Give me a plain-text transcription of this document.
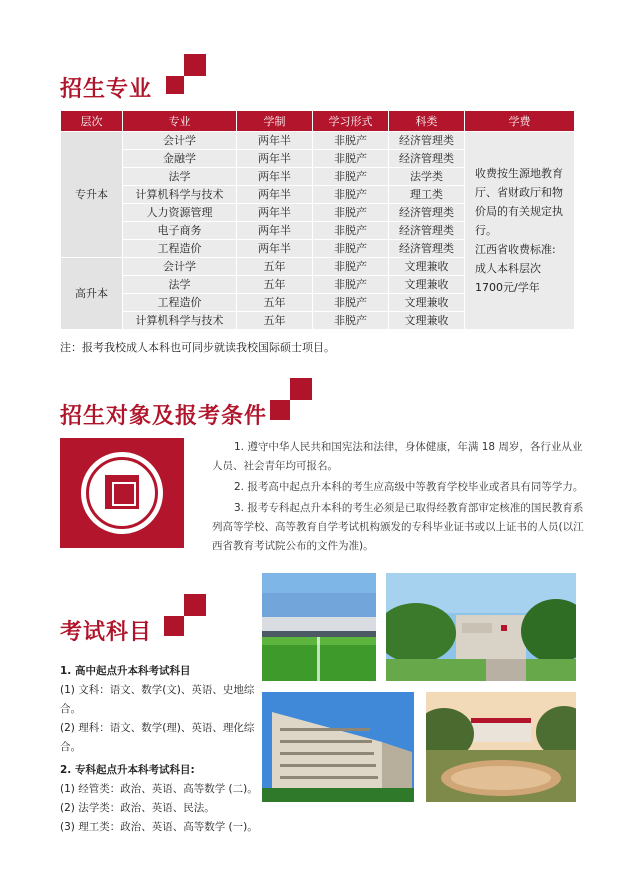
招生专业
层次	专业	学制	学习形式	科类	学费
专升本	会计学	两年半	非脱产	经济管理类	收费按生源地教育厅、省财政厅和物价局的有关规定执行。
江西省收费标准:成人本科层次1700元/学年

	金融学	两年半	非脱产	经济管理类	
	法学	两年半	非脱产	法学类	
	计算机科学与技术	两年半	非脱产	理工类	
	人力资源管理	两年半	非脱产	经济管理类	
	电子商务	两年半	非脱产	经济管理类	
	工程造价	两年半	非脱产	经济管理类	
高升本	会计学	五年	非脱产	文理兼收	
	法学	五年	非脱产	文理兼收	
	工程造价	五年	非脱产	文理兼收	
	计算机科学与技术	五年	非脱产	文理兼收	
注：报考我校成人本科也可同步就读我校国际硕士项目。
招生对象及报考条件

1. 遵守中华人民共和国宪法和法律，身体健康，年满 18 周岁，各行业从业人员、社会青年均可报名。

2. 报考高中起点升本科的考生应高级中等教育学校毕业或者具有同等学力。

3. 报考专科起点升本科的考生必须是已取得经教育部审定核准的国民教育系列高等学校、高等教育自学考试机构颁发的专科毕业证书或以上证书的人员(以江西省教育考试院公布的文件为准)。

考试科目
1. 高中起点升本科考试科目
(1) 文科：语文、数学(文)、英语、史地综合。
(2) 理科：语文、数学(理)、英语、理化综合。
2. 专科起点升本科考试科目:
(1) 经管类：政治、英语、高等数学 (二)。
(2) 法学类：政治、英语、民法。
(3) 理工类：政治、英语、高等数学 (一)。
